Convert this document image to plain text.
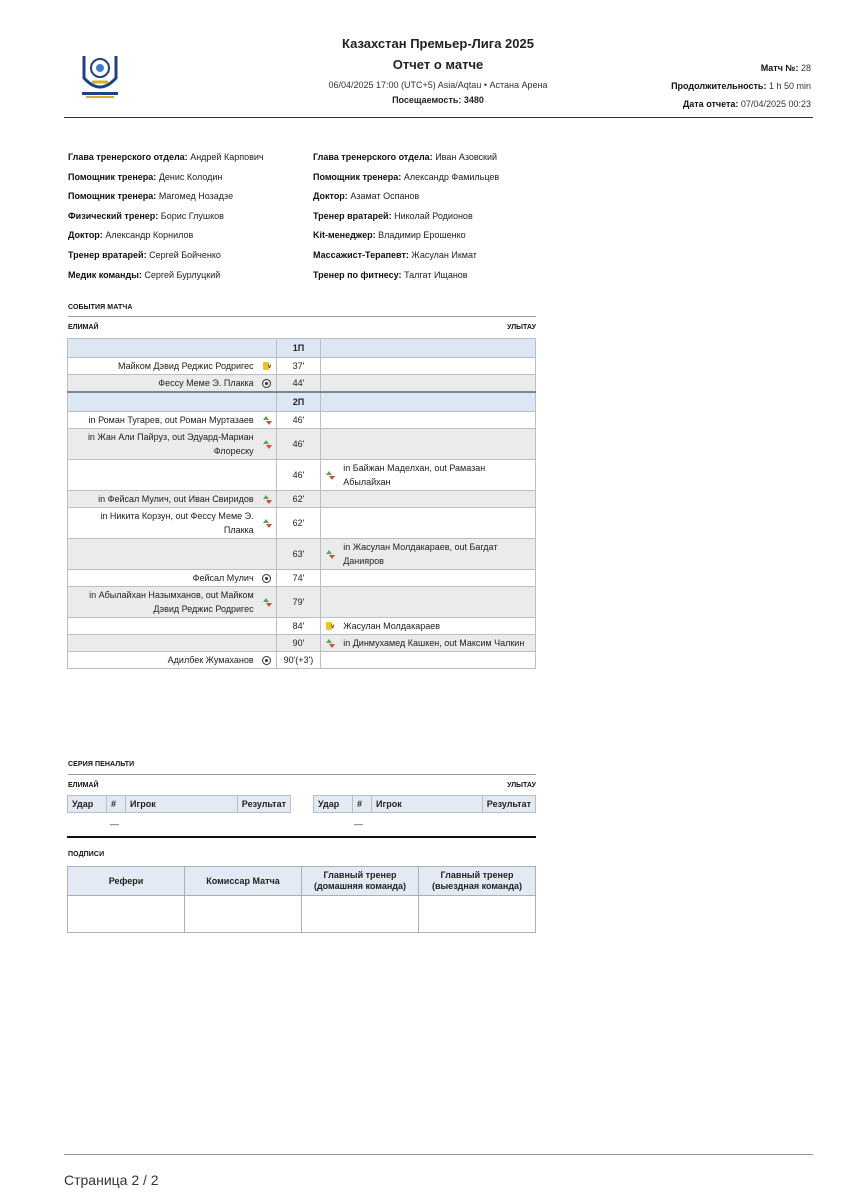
Казахстан Премьер-Лига 2025
Отчет о матче
06/04/2025 17:00 (UTC+5) Asia/Aqtau • Астана Арена
Посещаемость: 3480
Матч №: 28
Продолжительность: 1 h 50 min
Дата отчета: 07/04/2025 00:23
Глава тренерского отдела: Андрей Карпович
Помощник тренера: Денис Колодин
Помощник тренера: Магомед Нозадзе
Физический тренер: Борис Глушков
Доктор: Александр Корнилов
Тренер вратарей: Сергей Бойченко
Медик команды: Сергей Бурлуцкий
Глава тренерского отдела: Иван Азовский
Помощник тренера: Александр Фамильцев
Доктор: Азамат Оспанов
Тренер вратарей: Николай Родионов
Kit-менеджер: Владимир Ерошенко
Массажист-Терапевт: Жасулан Икмат
Тренер по фитнесу: Талгат Ищанов
СОБЫТИЯ МАТЧА
ЕЛИМАЙ	УЛЫТАУ
		1П		
Майком Дэвид Реджис Родригес	v	37'		
Фессу Меме Э. Плакка		44'		
		2П		
in Роман Тугарев, out Роман Муртазаев		46'		
in Жан Али Пайруз, out Эдуард-Мариан Флореску		46'		
		46'		in Байжан Маделхан, out Рамазан Абылайхан
in Фейсал Мулич, out Иван Свиридов		62'		
in Никита Корзун, out Фессу Меме Э. Плакка		62'		
		63'		in Жасулан Молдакараев, out Багдат Данияров
Фейсал Мулич		74'		
in Абылайхан Назымханов, out Майком Дэвид Реджис Родригес		79'		
		84'	v	Жасулан Молдакараев
		90'		in Динмухамед Кашкен, out Максим Чалкин
Адилбек Жумаханов		90'(+3')		
СЕРИЯ ПЕНАЛЬТИ
ЕЛИМАЙ	УЛЫТАУ
Удар	#	Игрок	Результат	Удар	#	Игрок	Результат
—	—
ПОДПИСИ
Рефери	Комиссар Матча	Главный тренер (домашняя команда)	Главный тренер (выездная команда)

Страница 2 / 2
